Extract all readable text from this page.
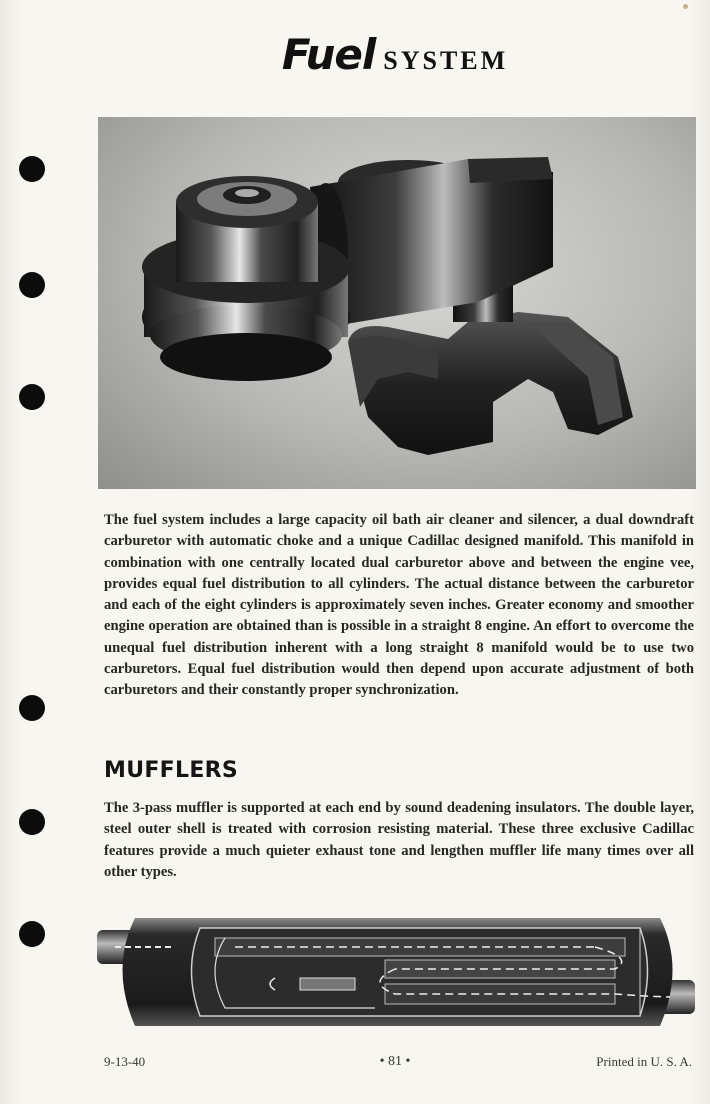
Fuel SYSTEM

The fuel system includes a large capacity oil bath air cleaner and silencer, a dual downdraft carburetor with automatic choke and a unique Cadillac designed manifold. This manifold in combination with one centrally located dual carburetor above and between the engine vee, provides equal fuel distribution to all cylinders. The actual distance between the carburetor and each of the eight cylinders is approximately seven inches. Greater economy and smoother engine operation are obtained than is possible in a straight 8 engine. An effort to overcome the unequal fuel distribution inherent with a long straight 8 manifold would be to use two carburetors. Equal fuel distribution would then depend upon accurate adjustment of both carburetors and their constantly proper synchronization.

MUFFLERS

The 3-pass muffler is supported at each end by sound deadening insulators. The double layer, steel outer shell is treated with corrosion resisting material. These three exclusive Cadillac features provide a much quieter exhaust tone and lengthen muffler life many times over all other types.

9-13-40	• 81 •	Printed in U. S. A.
